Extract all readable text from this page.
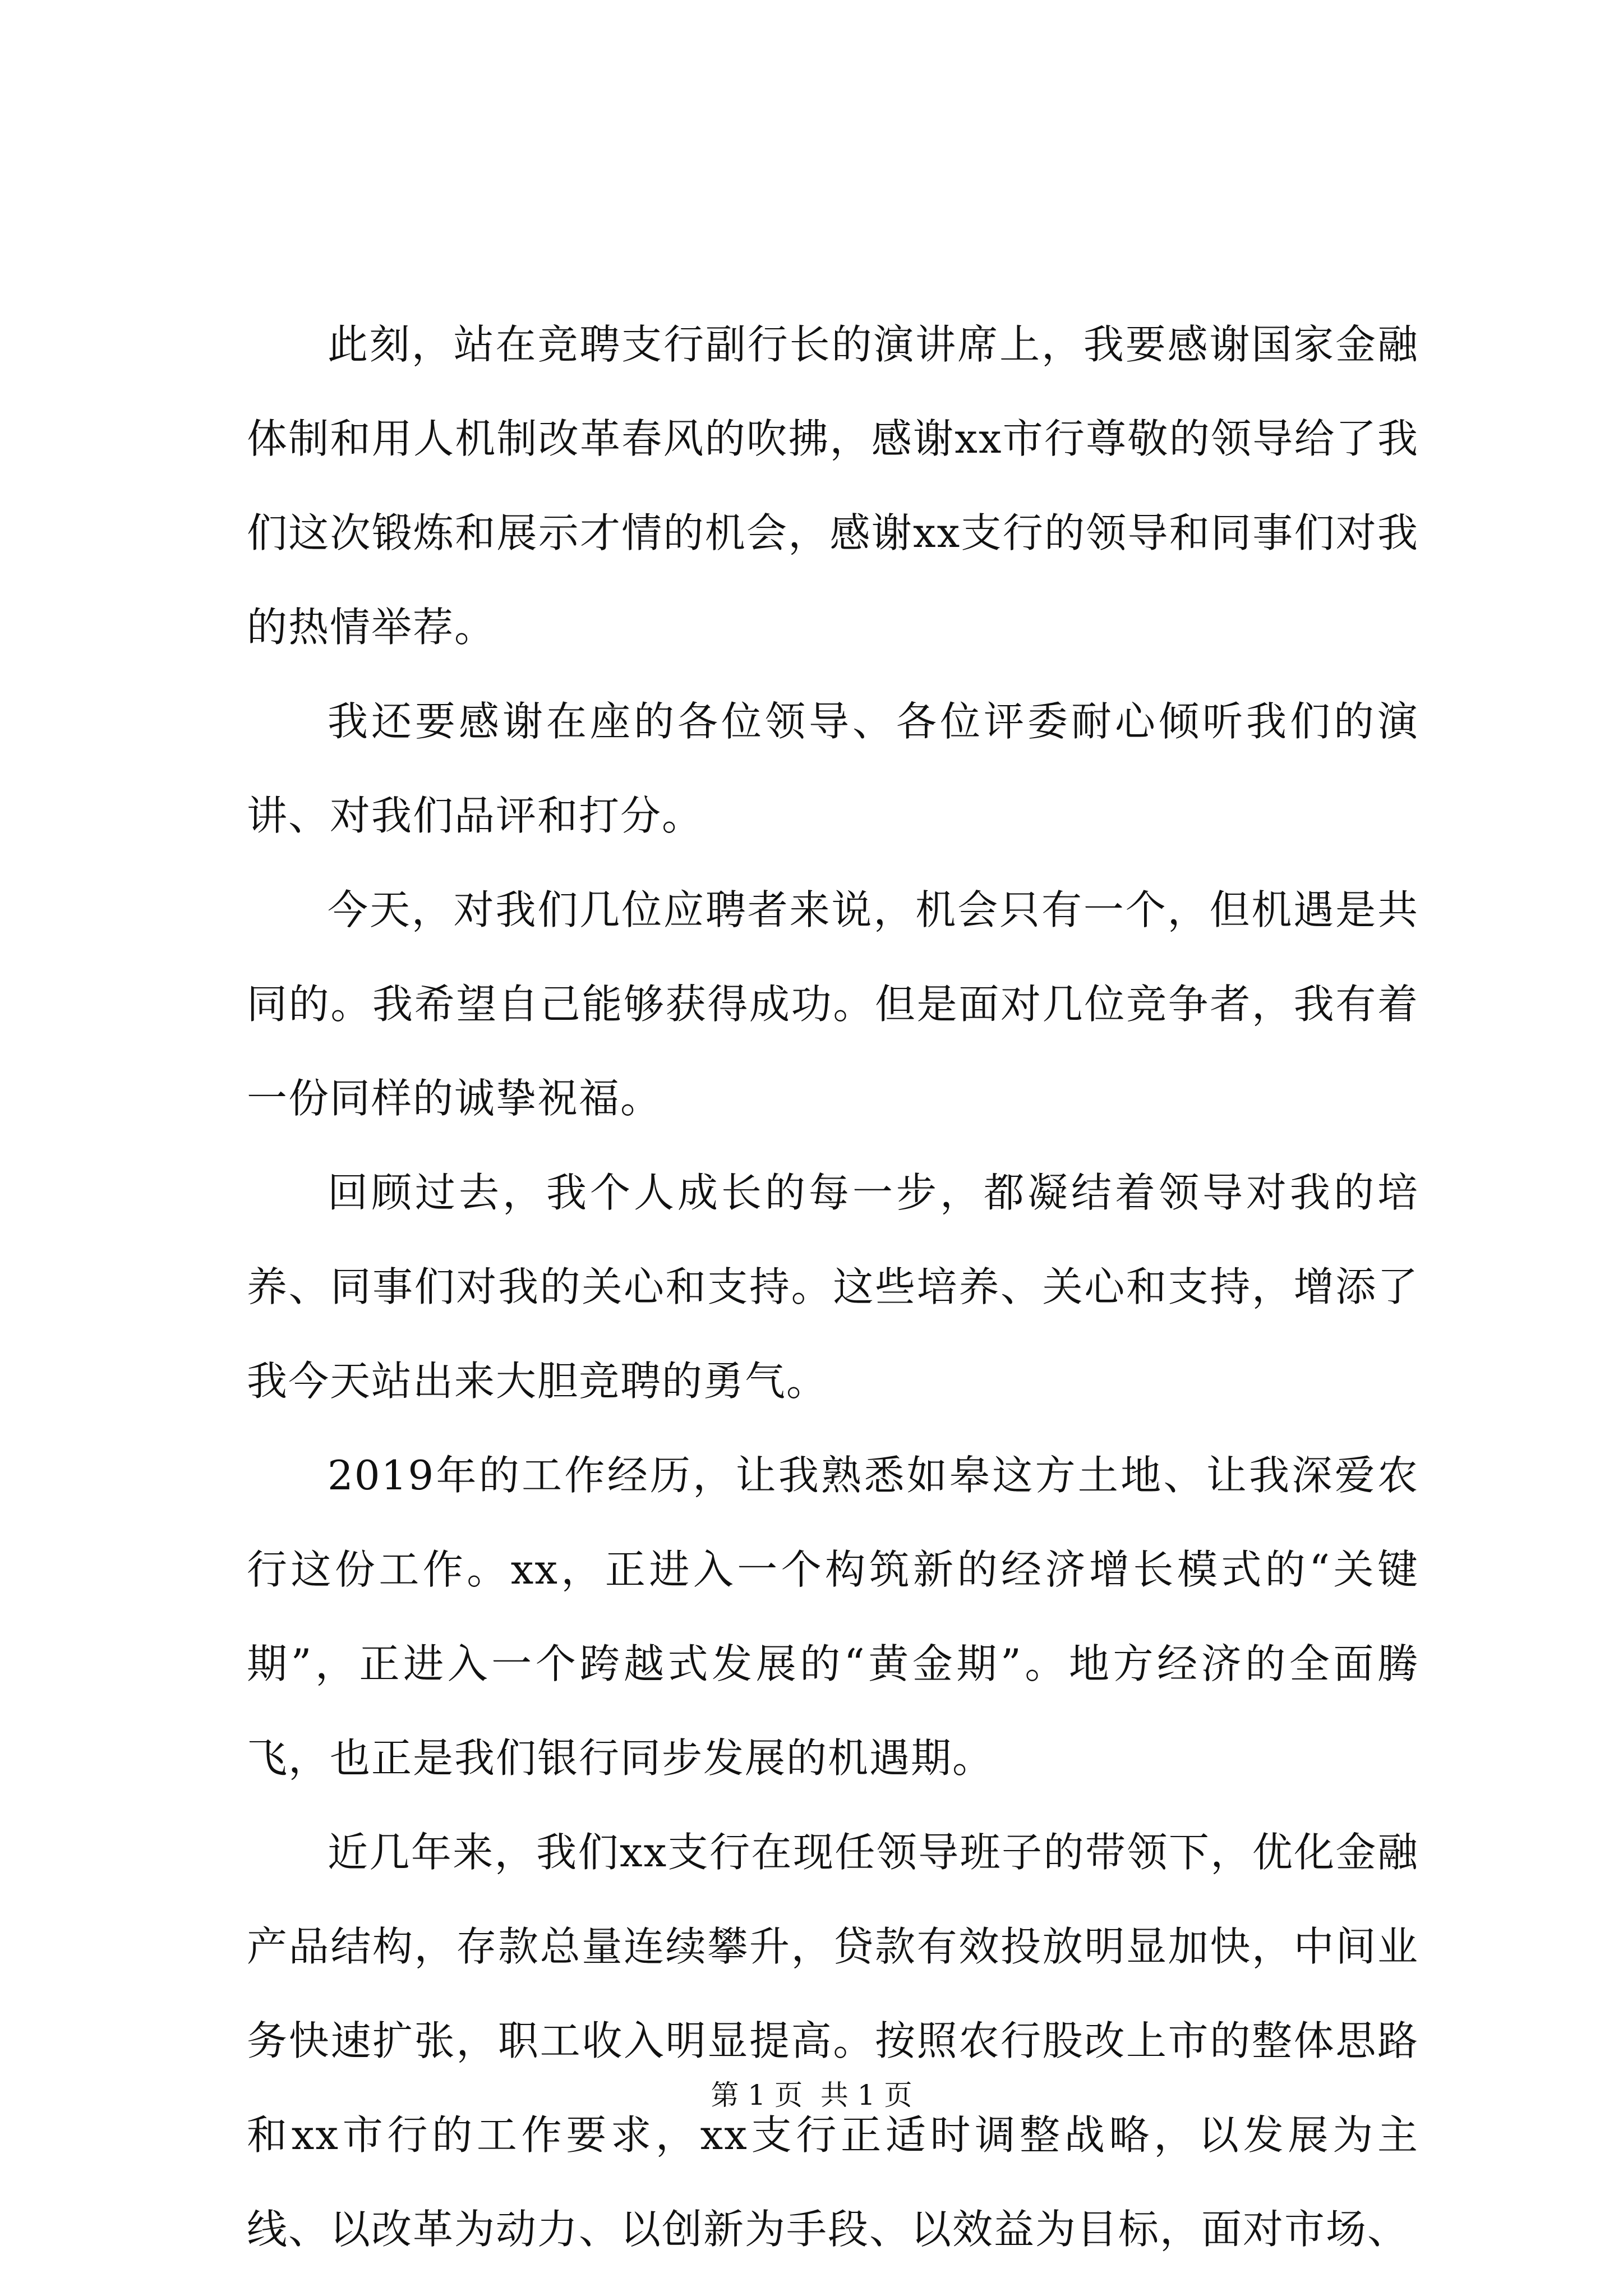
此刻，站在竞聘支行副行长的演讲席上，我要感谢国家金融体制和用人机制改革春风的吹拂，感谢xx市行尊敬的领导给了我们这次锻炼和展示才情的机会，感谢xx支行的领导和同事们对我的热情举荐。

我还要感谢在座的各位领导、各位评委耐心倾听我们的演讲、对我们品评和打分。

今天，对我们几位应聘者来说，机会只有一个，但机遇是共同的。我希望自己能够获得成功。但是面对几位竞争者，我有着一份同样的诚挚祝福。

回顾过去，我个人成长的每一步，都凝结着领导对我的培养、同事们对我的关心和支持。这些培养、关心和支持，增添了我今天站出来大胆竞聘的勇气。

2019年的工作经历，让我熟悉如皋这方土地、让我深爱农行这份工作。xx，正进入一个构筑新的经济增长模式的“关键期”，正进入一个跨越式发展的“黄金期”。地方经济的全面腾飞，也正是我们银行同步发展的机遇期。

近几年来，我们xx支行在现任领导班子的带领下，优化金融产品结构，存款总量连续攀升，贷款有效投放明显加快，中间业务快速扩张，职工收入明显提高。按照农行股改上市的整体思路和xx市行的工作要求，xx支行正适时调整战略，以发展为主线、以改革为动力、以创新为手段、以效益为目标，面对市场、

第 1 页  共 1 页
